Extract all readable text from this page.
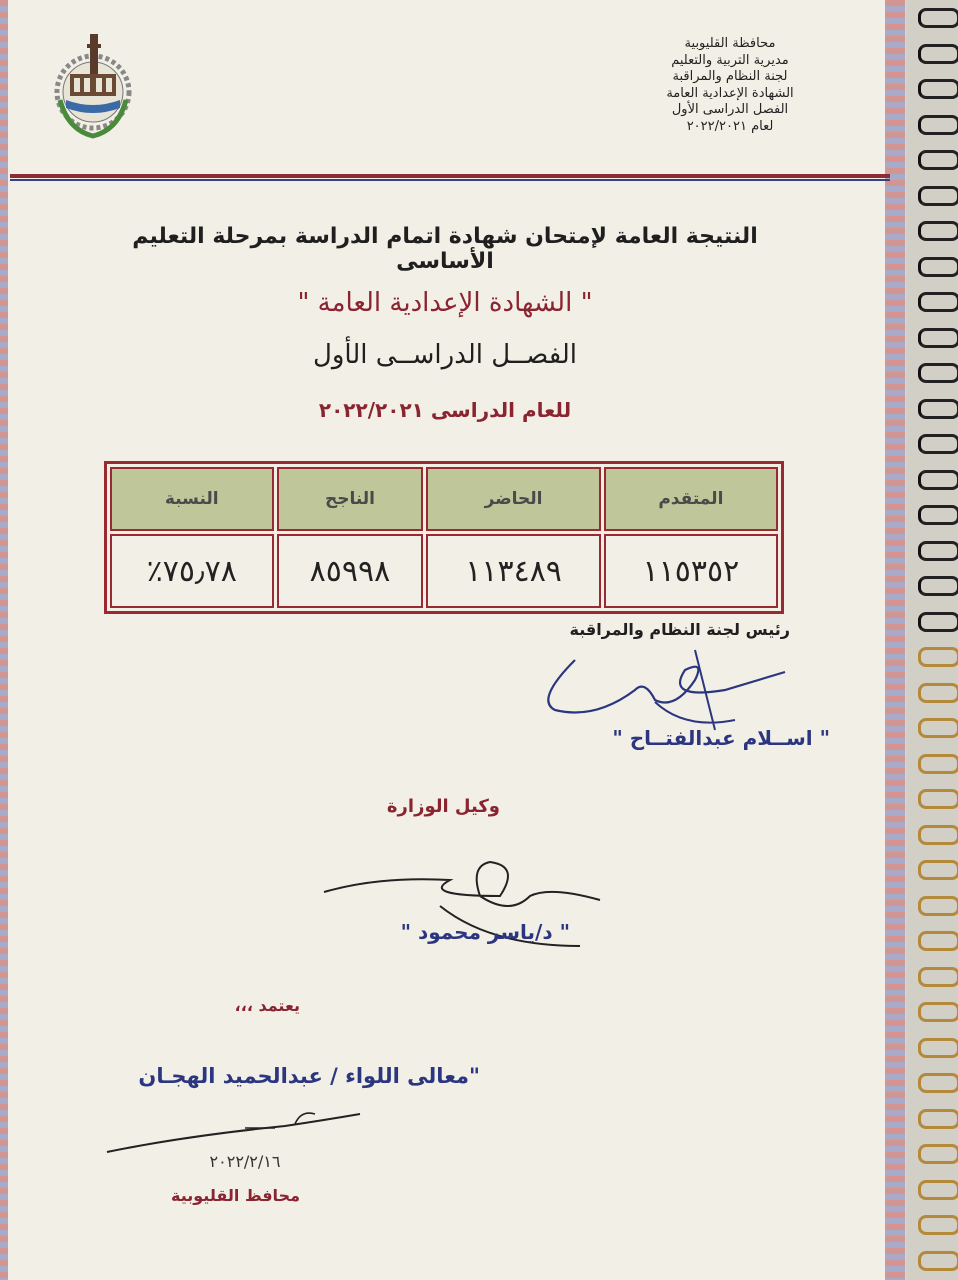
محافظة القليوبية
مديرية التربية والتعليم
لجنة النظام والمراقبة
الشهادة الإعدادية العامة
الفصل الدراسى الأول
لعام ٢٠٢٢/٢٠٢١
النتيجة العامة لإمتحان شهادة اتمام الدراسة بمرحلة التعليم الأساسى
" الشهادة الإعدادية العامة "
الفصــل الدراســى الأول
للعام الدراسى ٢٠٢٢/٢٠٢١
المتقدم	الحاضر	الناجح	النسبة
١١٥٣٥٢	١١٣٤٨٩	٨٥٩٩٨	٧٥٫٧٨٪
رئيس لجنة النظام والمراقبة
" اســلام عبدالفتــاح "
وكيل الوزارة
" د/ياسر محمود "
يعتمد ،،،
"معالى اللواء / عبدالحميد الهجـان
٢٠٢٢/٢/١٦
محافظ القليوبية
